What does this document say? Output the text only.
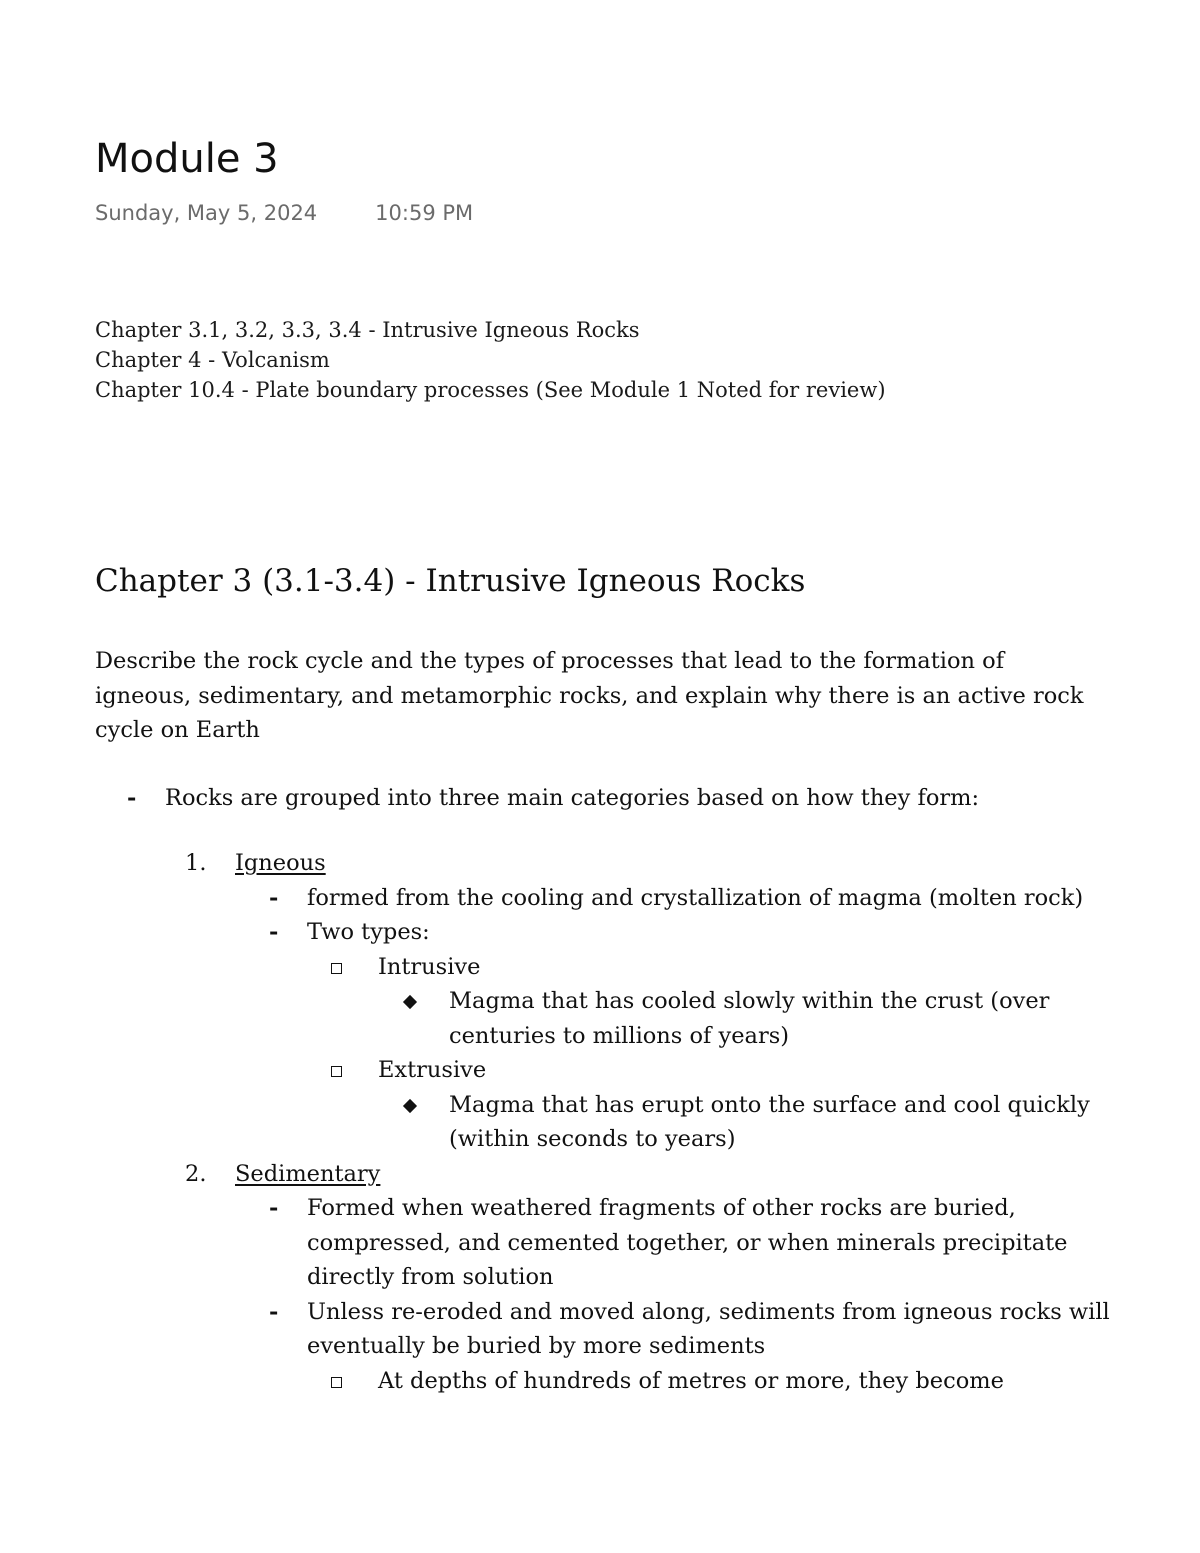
Module 3
Sunday, May 5, 2024	10:59 PM
Chapter 3.1, 3.2, 3.3, 3.4 - Intrusive Igneous Rocks
Chapter 4 - Volcanism
Chapter 10.4 - Plate boundary processes (See Module 1 Noted for review)
Chapter 3 (3.1-3.4) - Intrusive Igneous Rocks

Describe the rock cycle and the types of processes that lead to the formation of igneous, sedimentary, and metamorphic rocks, and explain why there is an active rock cycle on Earth

- Rocks are grouped into three main categories based on how they form:
1. Igneous
- formed from the cooling and crystallization of magma (molten rock)
- Two types:
Intrusive
Magma that has cooled slowly within the crust (over centuries to millions of years)
Extrusive
Magma that has erupt onto the surface and cool quickly (within seconds to years)
2. Sedimentary
- Formed when weathered fragments of other rocks are buried, compressed, and cemented together, or when minerals precipitate directly from solution
- Unless re-eroded and moved along, sediments from igneous rocks will eventually be buried by more sediments
At depths of hundreds of metres or more, they become
